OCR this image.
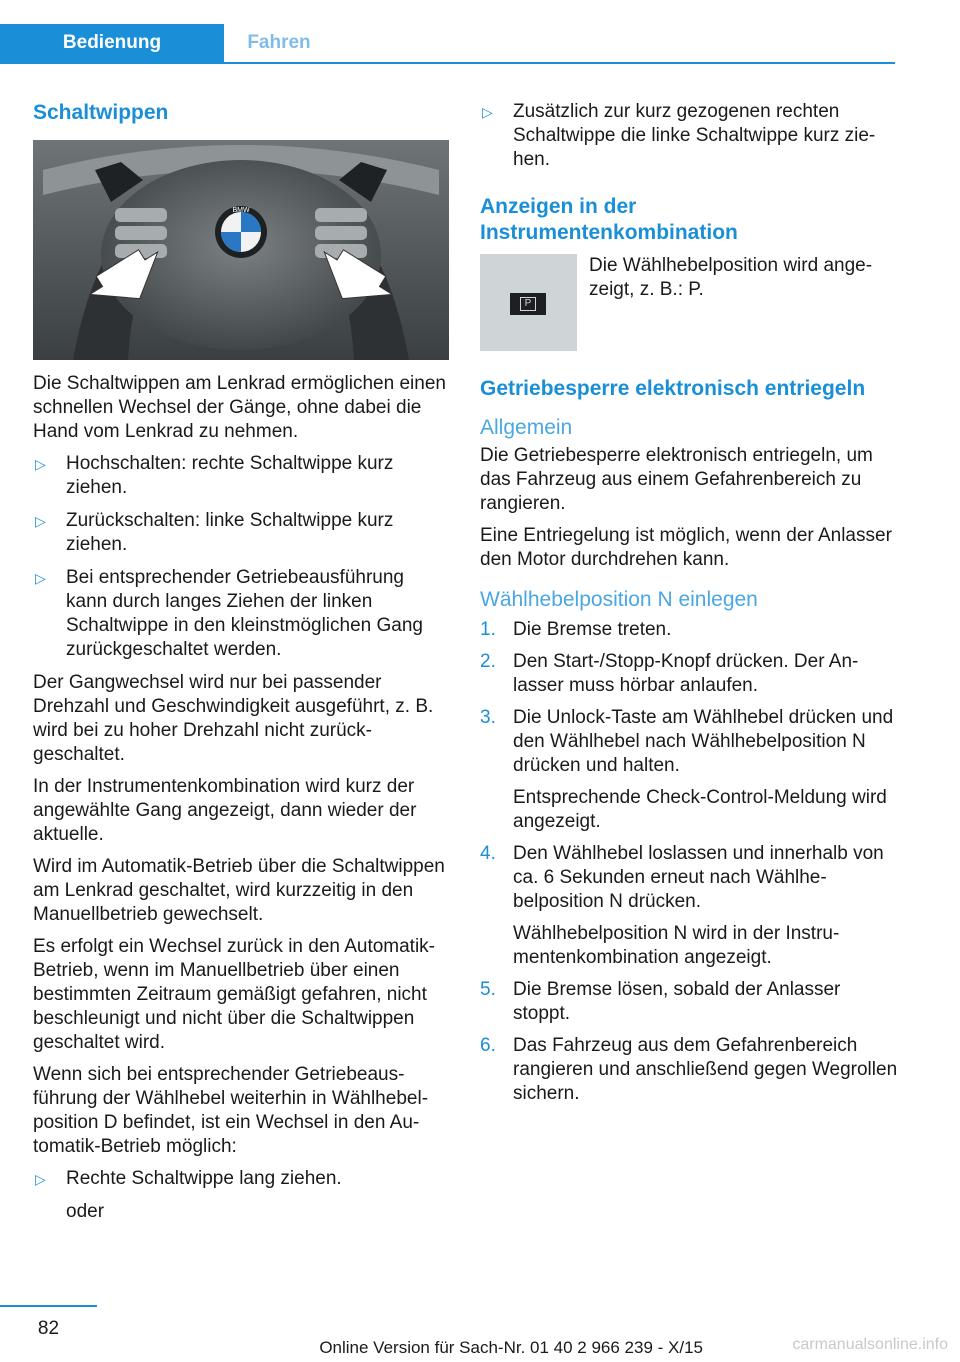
Bedienung	Fahren
Schaltwippen
BMW

Die Schaltwippen am Lenkrad ermöglichen einen schnellen Wechsel der Gänge, ohne dabei die Hand vom Lenkrad zu nehmen.

▷ Hochschalten: rechte Schaltwippe kurz ziehen.
▷ Zurückschalten: linke Schaltwippe kurz ziehen.
▷ Bei entsprechender Getriebeausführung kann durch langes Ziehen der linken Schaltwippe in den kleinstmöglichen Gang zurückgeschaltet werden.

Der Gangwechsel wird nur bei passender Drehzahl und Geschwindigkeit ausgeführt, z. B. wird bei zu hoher Drehzahl nicht zurückgeschaltet.

In der Instrumentenkombination wird kurz der angewählte Gang angezeigt, dann wieder der aktuelle.

Wird im Automatik-Betrieb über die Schaltwippen am Lenkrad geschaltet, wird kurzzeitig in den Manuellbetrieb gewechselt.

Es erfolgt ein Wechsel zurück in den Automatik-Betrieb, wenn im Manuellbetrieb über einen bestimmten Zeitraum gemäßigt gefahren, nicht beschleunigt und nicht über die Schaltwippen geschaltet wird.

Wenn sich bei entsprechender Getriebeausführung der Wählhebel weiterhin in Wählhebelposition D befindet, ist ein Wechsel in den Automatik-Betrieb möglich:

▷ Rechte Schaltwippe lang ziehen.
oder
▷ Zusätzlich zur kurz gezogenen rechten Schaltwippe die linke Schaltwippe kurz ziehen.
Anzeigen in der Instrumentenkombination
P
Die Wählhebelposition wird angezeigt, z. B.: P.
Getriebesperre elektronisch entriegeln
Allgemein

Die Getriebesperre elektronisch entriegeln, um das Fahrzeug aus einem Gefahrenbereich zu rangieren.

Eine Entriegelung ist möglich, wenn der Anlasser den Motor durchdrehen kann.

Wählhebelposition N einlegen
1. Die Bremse treten.
2. Den Start-/Stopp-Knopf drücken. Der Anlasser muss hörbar anlaufen.
3. Die Unlock-Taste am Wählhebel drücken und den Wählhebel nach Wählhebelposition N drücken und halten.
Entsprechende Check-Control-Meldung wird angezeigt.
4. Den Wählhebel loslassen und innerhalb von ca. 6 Sekunden erneut nach Wählhebelposition N drücken.
Wählhebelposition N wird in der Instrumentenkombination angezeigt.
5. Die Bremse lösen, sobald der Anlasser stoppt.
6. Das Fahrzeug aus dem Gefahrenbereich rangieren und anschließend gegen Wegrollen sichern.
82
Online Version für Sach-Nr. 01 40 2 966 239 - X/15	carmanualsonline.info
